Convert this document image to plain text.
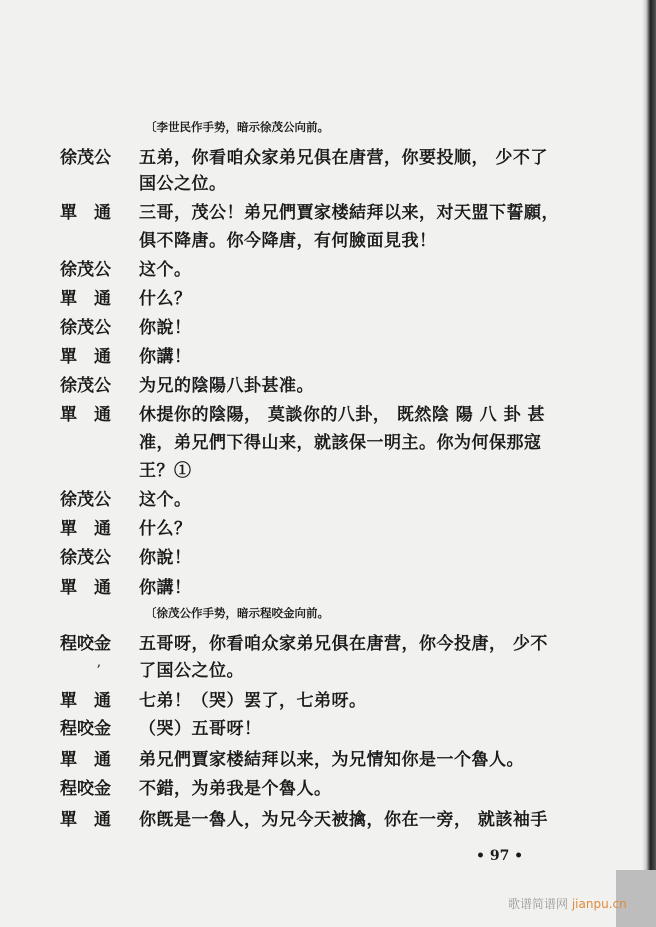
〔李世民作手势，暗示徐茂公向前。
徐茂公	五弟，你看咱众家弟兄俱在唐营，你要投顺， 少不了
国公之位。
單　通	三哥，茂公！弟兄們賈家楼結拜以来，对天盟下誓願，
俱不降唐。你今降唐，有何臉面見我！
徐茂公	这个。
單　通	什么？
徐茂公	你說！
單　通	你講！
徐茂公	为兄的陰陽八卦甚准。
單　通	休提你的陰陽， 莫談你的八卦， 既然陰 陽 八 卦 甚
准，弟兄們下得山来，就該保一明主。你为何保那寇
王？①
徐茂公	这个。
單　通	什么？
徐茂公	你說！
單　通	你講！
〔徐茂公作手势，暗示程咬金向前。
程咬金	五哥呀，你看咱众家弟兄俱在唐营，你今投唐， 少不
ʼ 了国公之位。
單　通	七弟！（哭）罢了，七弟呀。
程咬金	（哭）五哥呀！
單　通	弟兄們賈家楼結拜以来，为兄情知你是一个魯人。
程咬金	不錯，为弟我是个魯人。
單　通	你旣是一魯人，为兄今天被擒，你在一旁， 就該袖手
• 97 •
歌谱简谱网 jianpu.cn
